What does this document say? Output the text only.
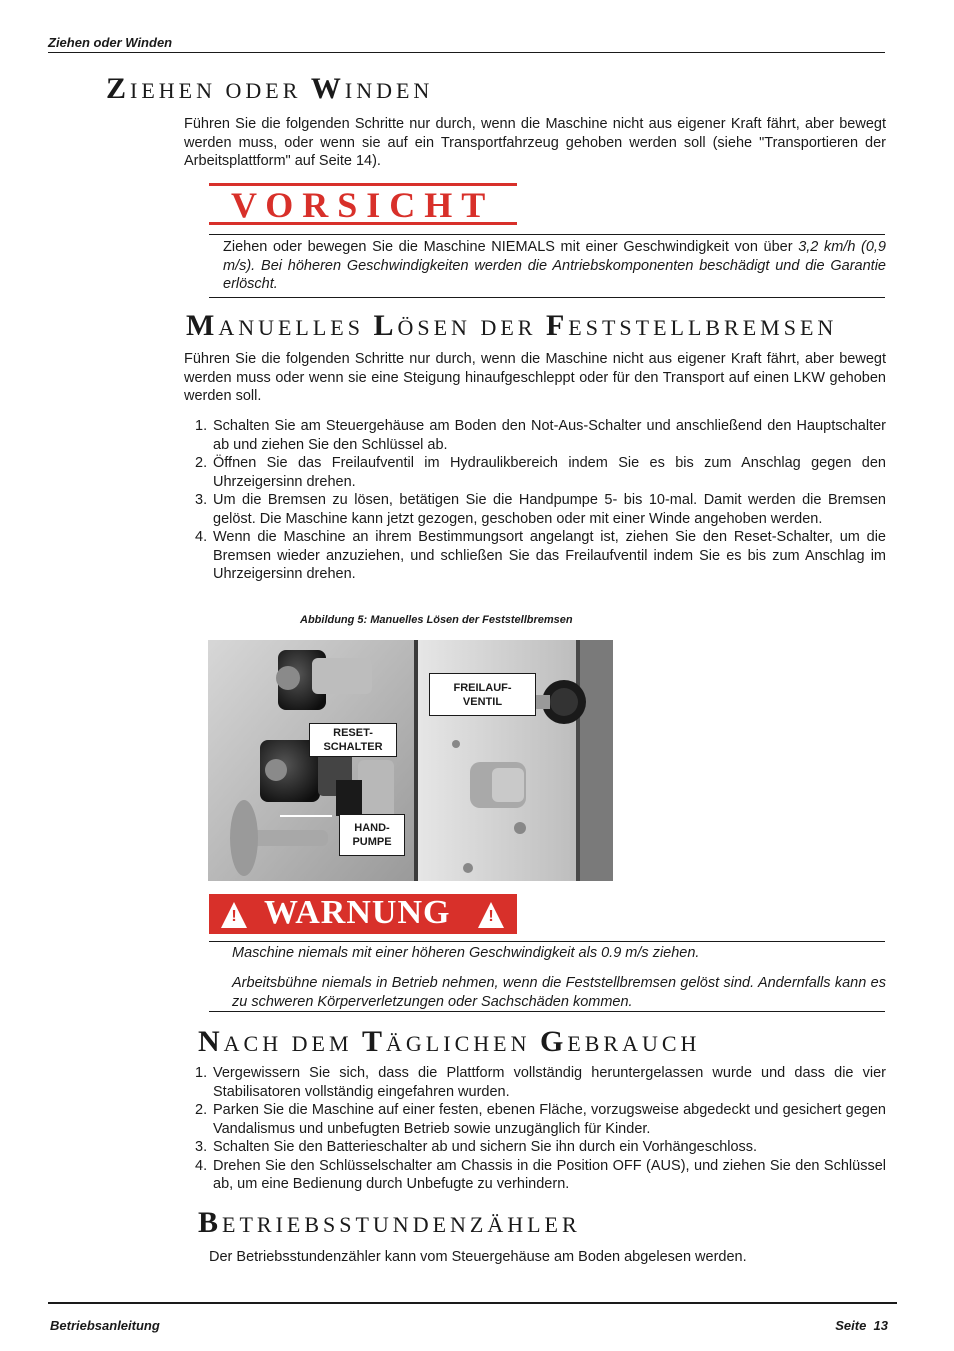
Ziehen oder Winden
ZIEHEN ODER WINDEN
Führen Sie die folgenden Schritte nur durch, wenn die Maschine nicht aus eigener Kraft fährt, aber bewegt werden muss, oder wenn sie auf ein Transportfahrzeug gehoben werden soll (siehe "Transportieren der Arbeitsplattform" auf Seite 14).
VORSICHT
Ziehen oder bewegen Sie die Maschine NIEMALS mit einer Geschwindigkeit von über 3,2 km/h (0,9 m/s). Bei höheren Geschwindigkeiten werden die Antriebskomponenten beschädigt und die Garantie erlöscht.
MANUELLES LÖSEN DER FESTSTELLBREMSEN
Führen Sie die folgenden Schritte nur durch, wenn die Maschine nicht aus eigener Kraft fährt, aber bewegt werden muss oder wenn sie eine Steigung hinaufgeschleppt oder für den Transport auf einen LKW gehoben werden soll.
1. Schalten Sie am Steuergehäuse am Boden den Not-Aus-Schalter und anschließend den Hauptschalter ab und ziehen Sie den Schlüssel ab.
2. Öffnen Sie das Freilaufventil im Hydraulikbereich indem Sie es bis zum Anschlag gegen den Uhrzeigersinn drehen.
3. Um die Bremsen zu lösen, betätigen Sie die Handpumpe 5- bis 10-mal. Damit werden die Bremsen gelöst. Die Maschine kann jetzt gezogen, geschoben oder mit einer Winde angehoben werden.
4. Wenn die Maschine an ihrem Bestimmungsort angelangt ist, ziehen Sie den Reset-Schalter, um die Bremsen wieder anzuziehen, und schließen Sie das Freilaufventil indem Sie es bis zum Anschlag im Uhrzeigersinn drehen.
Abbildung 5: Manuelles Lösen der Feststellbremsen
FREILAUF-
VENTIL
RESET-
SCHALTER
HAND-
PUMPE
! WARNUNG	!
Maschine niemals mit einer höheren Geschwindigkeit als 0.9 m/s ziehen.
Arbeitsbühne niemals in Betrieb nehmen, wenn die Feststellbremsen gelöst sind. Andernfalls kann es zu schweren Körperverletzungen oder Sachschäden kommen.
NACH DEM TÄGLICHEN GEBRAUCH
1. Vergewissern Sie sich, dass die Plattform vollständig heruntergelassen wurde und dass die vier Stabilisatoren vollständig eingefahren wurden.
2. Parken Sie die Maschine auf einer festen, ebenen Fläche, vorzugsweise abgedeckt und gesichert gegen Vandalismus und unbefugten Betrieb sowie unzugänglich für Kinder.
3. Schalten Sie den Batterieschalter ab und sichern Sie ihn durch ein Vorhängeschloss.
4. Drehen Sie den Schlüsselschalter am Chassis in die Position OFF (AUS), und ziehen Sie den Schlüssel ab, um eine Bedienung durch Unbefugte zu verhindern.
BETRIEBSSTUNDENZÄHLER
Der Betriebsstundenzähler kann vom Steuergehäuse am Boden abgelesen werden.
Betriebsanleitung	Seite  13
